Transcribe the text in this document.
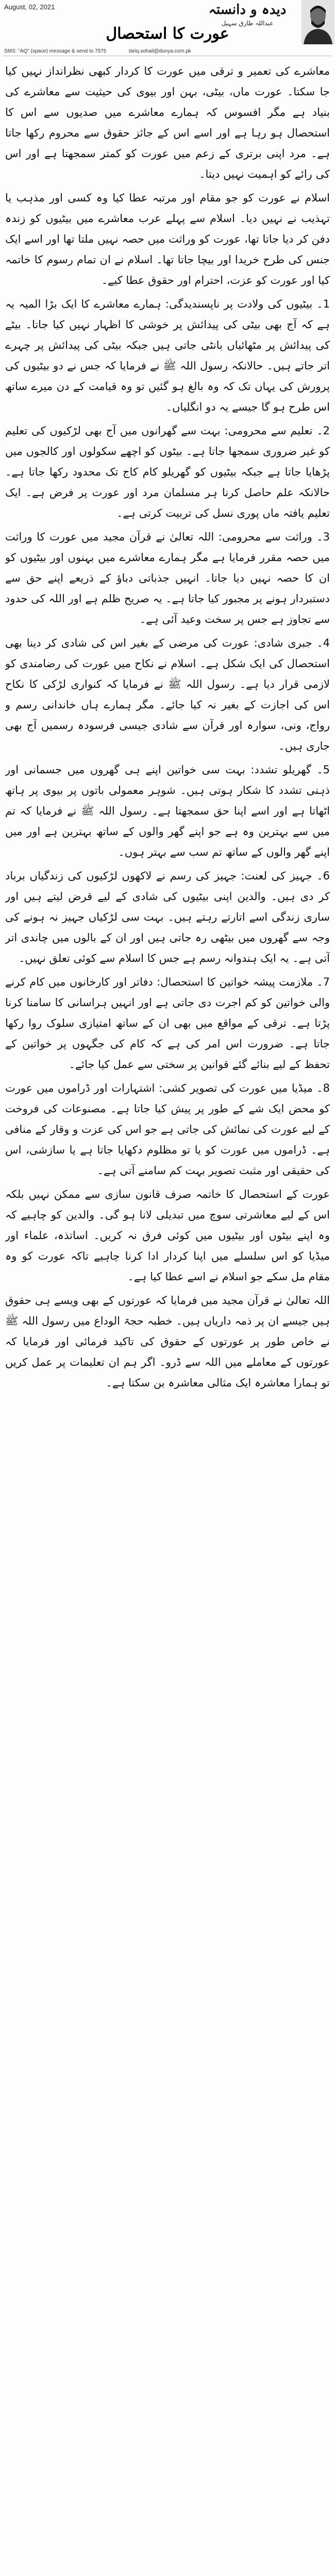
August, 02, 2021	دیدہ و دانستہ
عبداللہ طارق سہیل
عورت کا استحصال
SMS: "AQ" (space) message & send to 7575	tariq.sohail@dunya.com.pk

معاشرے کی تعمیر و ترقی میں عورت کا کردار کبھی نظرانداز نہیں کیا جا سکتا۔ عورت ماں، بیٹی، بہن اور بیوی کی حیثیت سے معاشرے کی بنیاد ہے مگر افسوس کہ ہمارے معاشرے میں صدیوں سے اس کا استحصال ہو رہا ہے اور اسے اس کے جائز حقوق سے محروم رکھا جاتا ہے۔ مرد اپنی برتری کے زعم میں عورت کو کمتر سمجھتا ہے اور اس کی رائے کو اہمیت نہیں دیتا۔

اسلام نے عورت کو جو مقام اور مرتبہ عطا کیا وہ کسی اور مذہب یا تہذیب نے نہیں دیا۔ اسلام سے پہلے عرب معاشرے میں بیٹیوں کو زندہ دفن کر دیا جاتا تھا، عورت کو وراثت میں حصہ نہیں ملتا تھا اور اسے ایک جنس کی طرح خریدا اور بیچا جاتا تھا۔ اسلام نے ان تمام رسوم کا خاتمہ کیا اور عورت کو عزت، احترام اور حقوق عطا کیے۔

1۔ بیٹیوں کی ولادت پر ناپسندیدگی: ہمارے معاشرے کا ایک بڑا المیہ یہ ہے کہ آج بھی بیٹی کی پیدائش پر خوشی کا اظہار نہیں کیا جاتا۔ بیٹے کی پیدائش پر مٹھائیاں بانٹی جاتی ہیں جبکہ بیٹی کی پیدائش پر چہرے اتر جاتے ہیں۔ حالانکہ رسول اللہ ﷺ نے فرمایا کہ جس نے دو بیٹیوں کی پرورش کی یہاں تک کہ وہ بالغ ہو گئیں تو وہ قیامت کے دن میرے ساتھ اس طرح ہو گا جیسے یہ دو انگلیاں۔

2۔ تعلیم سے محرومی: بہت سے گھرانوں میں آج بھی لڑکیوں کی تعلیم کو غیر ضروری سمجھا جاتا ہے۔ بیٹوں کو اچھے سکولوں اور کالجوں میں پڑھایا جاتا ہے جبکہ بیٹیوں کو گھریلو کام کاج تک محدود رکھا جاتا ہے۔ حالانکہ علم حاصل کرنا ہر مسلمان مرد اور عورت پر فرض ہے۔ ایک تعلیم یافتہ ماں پوری نسل کی تربیت کرتی ہے۔

3۔ وراثت سے محرومی: اللہ تعالیٰ نے قرآن مجید میں عورت کا وراثت میں حصہ مقرر فرمایا ہے مگر ہمارے معاشرے میں بہنوں اور بیٹیوں کو ان کا حصہ نہیں دیا جاتا۔ انہیں جذباتی دباؤ کے ذریعے اپنے حق سے دستبردار ہونے پر مجبور کیا جاتا ہے۔ یہ صریح ظلم ہے اور اللہ کی حدود سے تجاوز ہے جس پر سخت وعید آئی ہے۔

4۔ جبری شادی: عورت کی مرضی کے بغیر اس کی شادی کر دینا بھی استحصال کی ایک شکل ہے۔ اسلام نے نکاح میں عورت کی رضامندی کو لازمی قرار دیا ہے۔ رسول اللہ ﷺ نے فرمایا کہ کنواری لڑکی کا نکاح اس کی اجازت کے بغیر نہ کیا جائے۔ مگر ہمارے ہاں خاندانی رسم و رواج، ونی، سوارہ اور قرآن سے شادی جیسی فرسودہ رسمیں آج بھی جاری ہیں۔

5۔ گھریلو تشدد: بہت سی خواتین اپنے ہی گھروں میں جسمانی اور ذہنی تشدد کا شکار ہوتی ہیں۔ شوہر معمولی باتوں پر بیوی پر ہاتھ اٹھاتا ہے اور اسے اپنا حق سمجھتا ہے۔ رسول اللہ ﷺ نے فرمایا کہ تم میں سے بہترین وہ ہے جو اپنے گھر والوں کے ساتھ بہترین ہے اور میں اپنے گھر والوں کے ساتھ تم سب سے بہتر ہوں۔

6۔ جہیز کی لعنت: جہیز کی رسم نے لاکھوں لڑکیوں کی زندگیاں برباد کر دی ہیں۔ والدین اپنی بیٹیوں کی شادی کے لیے قرض لیتے ہیں اور ساری زندگی اسے اتارتے رہتے ہیں۔ بہت سی لڑکیاں جہیز نہ ہونے کی وجہ سے گھروں میں بیٹھی رہ جاتی ہیں اور ان کے بالوں میں چاندی اتر آتی ہے۔ یہ ایک ہندوانہ رسم ہے جس کا اسلام سے کوئی تعلق نہیں۔

7۔ ملازمت پیشہ خواتین کا استحصال: دفاتر اور کارخانوں میں کام کرنے والی خواتین کو کم اجرت دی جاتی ہے اور انہیں ہراسانی کا سامنا کرنا پڑتا ہے۔ ترقی کے مواقع میں بھی ان کے ساتھ امتیازی سلوک روا رکھا جاتا ہے۔ ضرورت اس امر کی ہے کہ کام کی جگہوں پر خواتین کے تحفظ کے لیے بنائے گئے قوانین پر سختی سے عمل کیا جائے۔

8۔ میڈیا میں عورت کی تصویر کشی: اشتہارات اور ڈراموں میں عورت کو محض ایک شے کے طور پر پیش کیا جاتا ہے۔ مصنوعات کی فروخت کے لیے عورت کی نمائش کی جاتی ہے جو اس کی عزت و وقار کے منافی ہے۔ ڈراموں میں عورت کو یا تو مظلوم دکھایا جاتا ہے یا سازشی، اس کی حقیقی اور مثبت تصویر بہت کم سامنے آتی ہے۔

عورت کے استحصال کا خاتمہ صرف قانون سازی سے ممکن نہیں بلکہ اس کے لیے معاشرتی سوچ میں تبدیلی لانا ہو گی۔ والدین کو چاہیے کہ وہ اپنے بیٹوں اور بیٹیوں میں کوئی فرق نہ کریں۔ اساتذہ، علماء اور میڈیا کو اس سلسلے میں اپنا کردار ادا کرنا چاہیے تاکہ عورت کو وہ مقام مل سکے جو اسلام نے اسے عطا کیا ہے۔

اللہ تعالیٰ نے قرآن مجید میں فرمایا کہ عورتوں کے بھی ویسے ہی حقوق ہیں جیسے ان پر ذمہ داریاں ہیں۔ خطبہ حجۃ الوداع میں رسول اللہ ﷺ نے خاص طور پر عورتوں کے حقوق کی تاکید فرمائی اور فرمایا کہ عورتوں کے معاملے میں اللہ سے ڈرو۔ اگر ہم ان تعلیمات پر عمل کریں تو ہمارا معاشرہ ایک مثالی معاشرہ بن سکتا ہے۔
